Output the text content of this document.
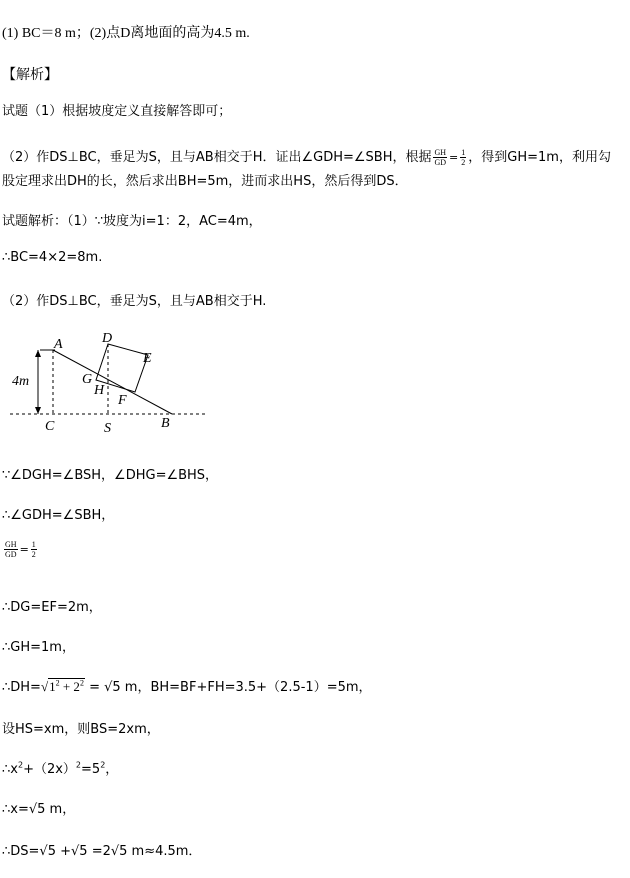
(1) BC＝8 m；(2)点D离地面的高为4.5 m.
【解析】
试题（1）根据坡度定义直接解答即可；
（2）作DS⊥BC，垂足为S，且与AB相交于H．证出∠GDH=∠SBH，根据 $\frac{GH}{GD} = \frac{1}{2}$ ，得到GH=1m，利用勾
股定理求出DH的长，然后求出BH=5m，进而求出HS，然后得到DS．
试题解析：（1）∵坡度为i=1：2，AC=4m，
∴BC=4×2=8m.
（2）作DS⊥BC，垂足为S，且与AB相交于H.
A	D
E
G
H
F
C	S	B
4m
∵∠DGH=∠BSH，∠DHG=∠BHS，
∴∠GDH=∠SBH，
$\frac{GH}{GD} = \frac{1}{2}$
∴DG=EF=2m，
∴GH=1m，
$\therefore DH=√1^2 + 2^2 = √5$ m，BH=BF+FH=3.5+（2.5-1）=5m，
设HS=xm，则BS=2xm，
$\therefore x^2+(2x)^2=5^2$，
∴x=√5 m，
∴DS=√5 +√5 =2√5 m≈4.5m．
